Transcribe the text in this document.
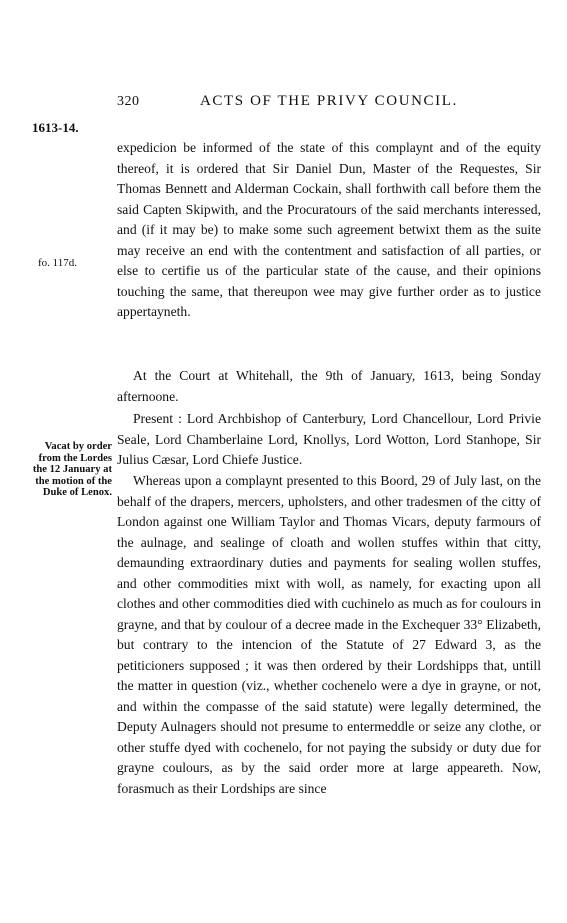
320	ACTS OF THE PRIVY COUNCIL.
1613-14.
fo. 117d.
Vacat by order from the Lordes the 12 January at the motion of the Duke of Lenox.

expedicion be informed of the state of this complaynt and of the equity thereof, it is ordered that Sir Daniel Dun, Master of the Requestes, Sir Thomas Bennett and Alderman Cockain, shall forthwith call before them the said Capten Skipwith, and the Procuratours of the said merchants interessed, and (if it may be) to make some such agreement betwixt them as the suite may receive an end with the contentment and satisfaction of all parties, or else to certifie us of the particular state of the cause, and their opinions touching the same, that thereupon wee may give further order as to justice appertayneth.

At the Court at Whitehall, the 9th of January, 1613, being Sonday afternoone.
Present : Lord Archbishop of Canterbury, Lord Chancellour, Lord Privie Seale, Lord Chamberlaine Lord, Knollys, Lord Wotton, Lord Stanhope, Sir Julius Cæsar, Lord Chiefe Justice.

Whereas upon a complaynt presented to this Boord, 29 of July last, on the behalf of the drapers, mercers, upholsters, and other tradesmen of the citty of London against one William Taylor and Thomas Vicars, deputy farmours of the aulnage, and sealinge of cloath and wollen stuffes within that citty, demaunding extraordinary duties and payments for sealing wollen stuffes, and other commodities mixt with woll, as namely, for exacting upon all clothes and other commodities died with cuchinelo as much as for coulours in grayne, and that by coulour of a decree made in the Exchequer 33° Elizabeth, but contrary to the intencion of the Statute of 27 Edward 3, as the petiticioners supposed ; it was then ordered by their Lordshipps that, untill the matter in question (viz., whether cochenelo were a dye in grayne, or not, and within the compasse of the said statute) were legally determined, the Deputy Aulnagers should not presume to entermeddle or seize any clothe, or other stuffe dyed with cochenelo, for not paying the subsidy or duty due for grayne coulours, as by the said order more at large appeareth. Now, forasmuch as their Lordships are since
